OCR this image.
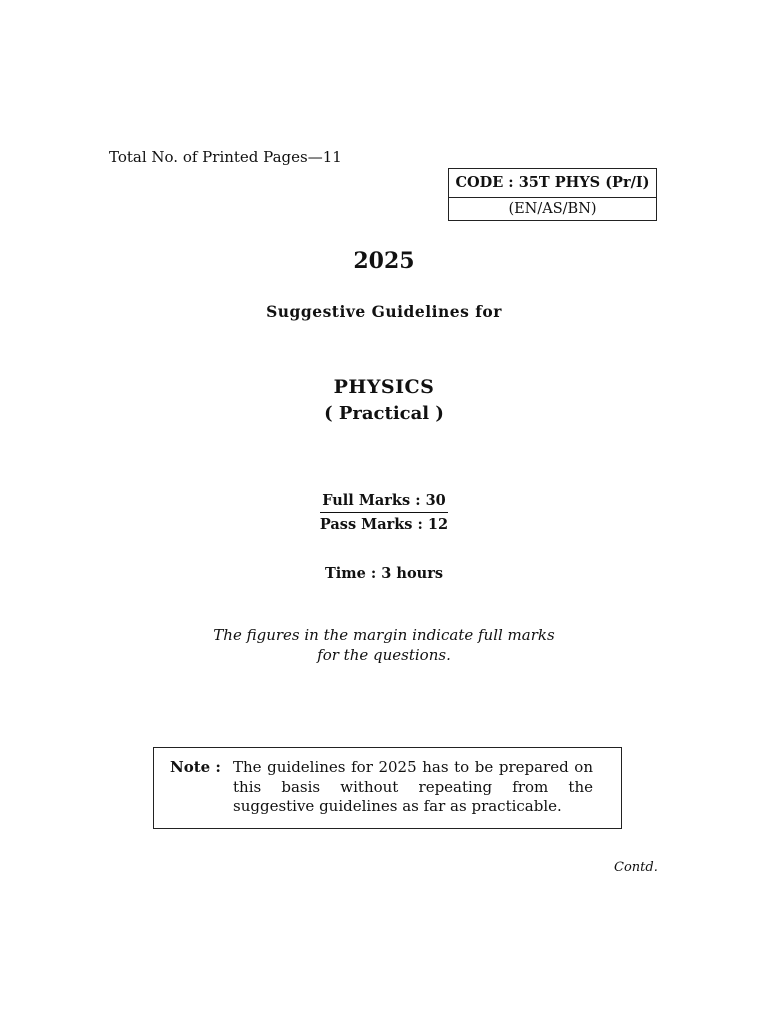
Total No. of Printed Pages—11
CODE : 35T PHYS (Pr/I)
(EN/AS/BN)
2025
Suggestive Guidelines for
PHYSICS
( Practical )
Full Marks : 30
Pass Marks : 12
Time : 3 hours
The figures in the margin indicate full marks
for the questions.
Note : The guidelines for 2025 has to be prepared on this basis without repeating from the suggestive guidelines as far as practicable.
Contd.
